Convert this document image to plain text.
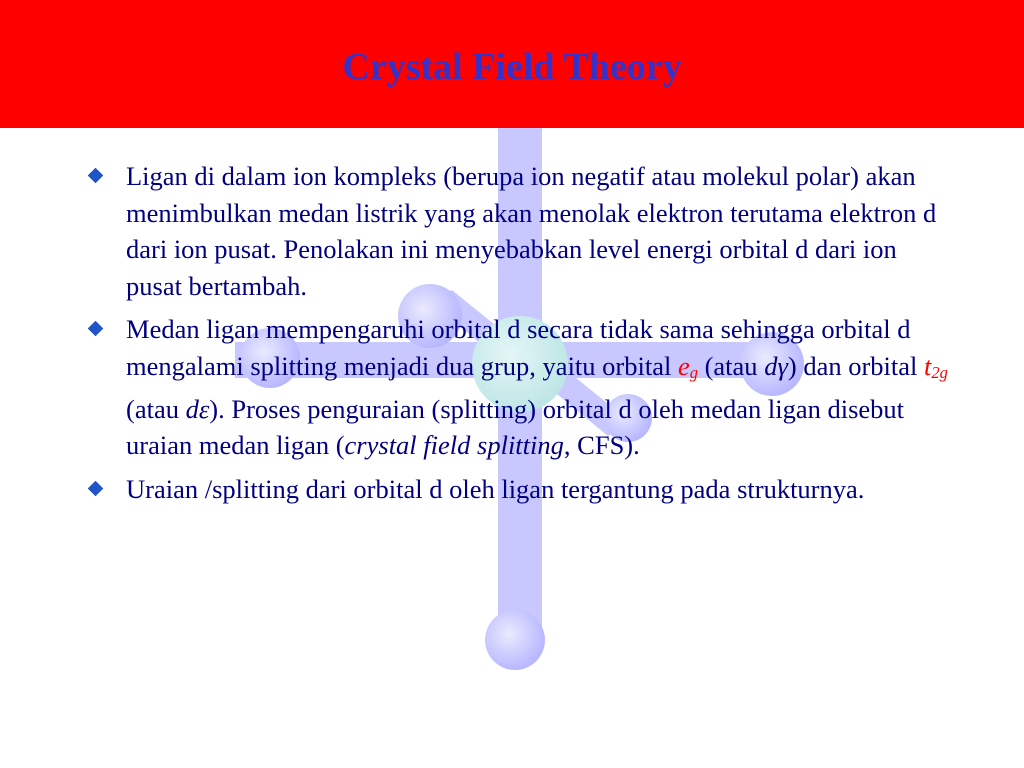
Crystal Field Theory
Ligan di dalam ion kompleks (berupa ion negatif atau molekul polar) akan menimbulkan medan listrik yang akan menolak elektron terutama elektron d dari ion pusat. Penolakan ini menyebabkan level energi orbital d dari ion pusat bertambah.
Medan ligan mempengaruhi orbital d secara tidak sama sehingga orbital d mengalami splitting menjadi dua grup, yaitu orbital $e_g$ (atau dγ) dan orbital $t_{2g}$ (atau dε). Proses penguraian (splitting) orbital d oleh medan ligan disebut uraian medan ligan (crystal field splitting, CFS).
Uraian /splitting dari orbital d oleh ligan tergantung pada strukturnya.
